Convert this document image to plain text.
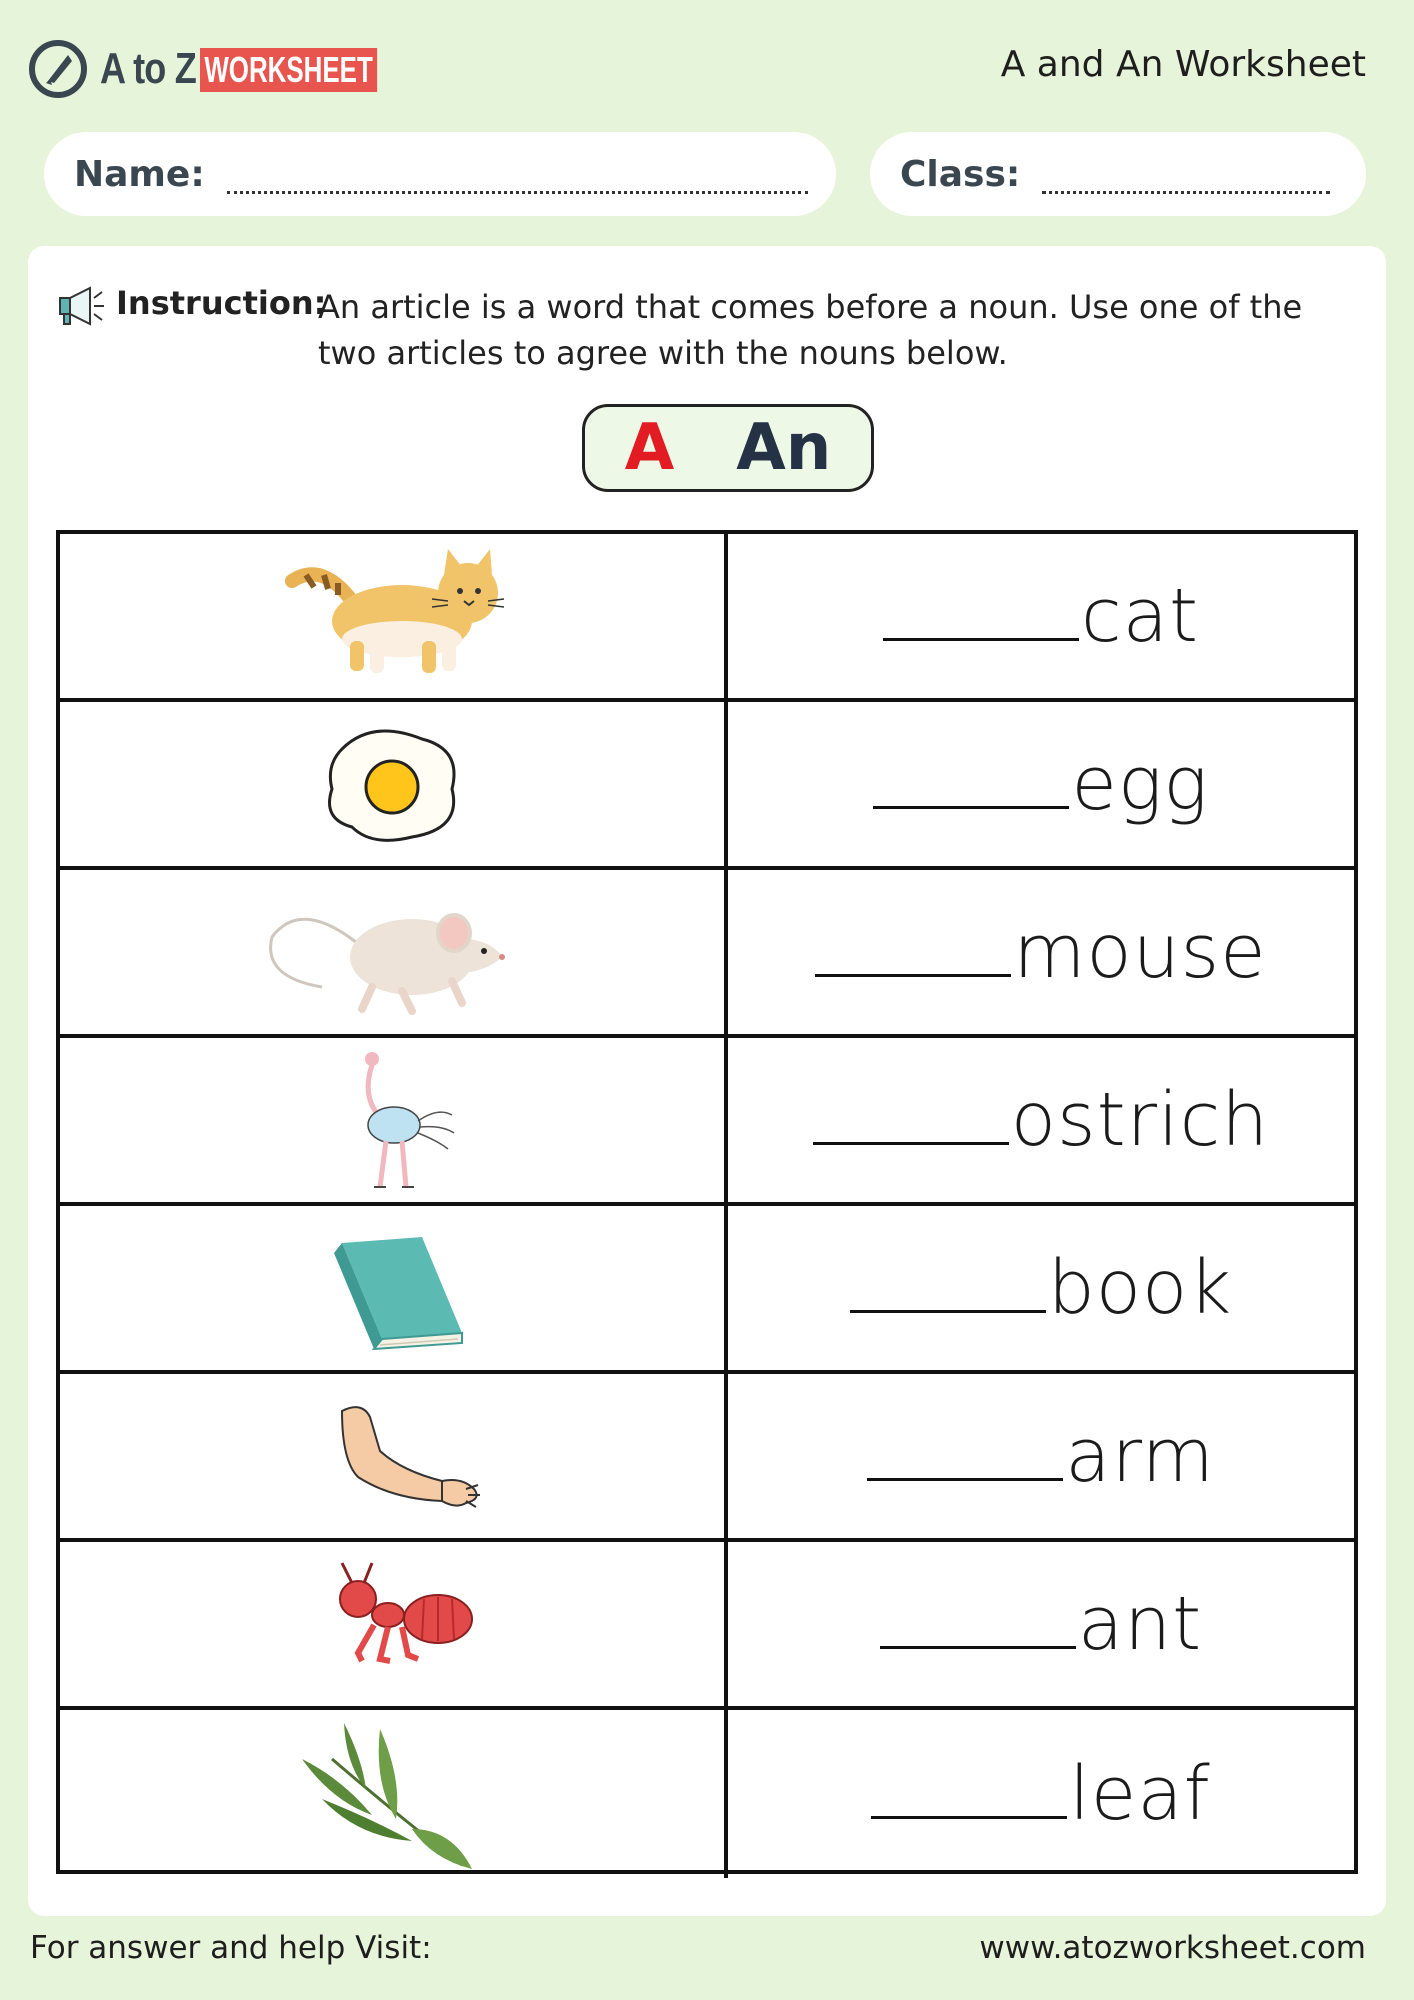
A to Z WORKSHEET	A and An Worksheet
Name:	Class:
Instruction:
An article is a word that comes before a noun. Use one of the two articles to agree with the nouns below.
A An
cat
egg
mouse
ostrich
book
arm
ant
leaf
For answer and help Visit:	www.atozworksheet.com
